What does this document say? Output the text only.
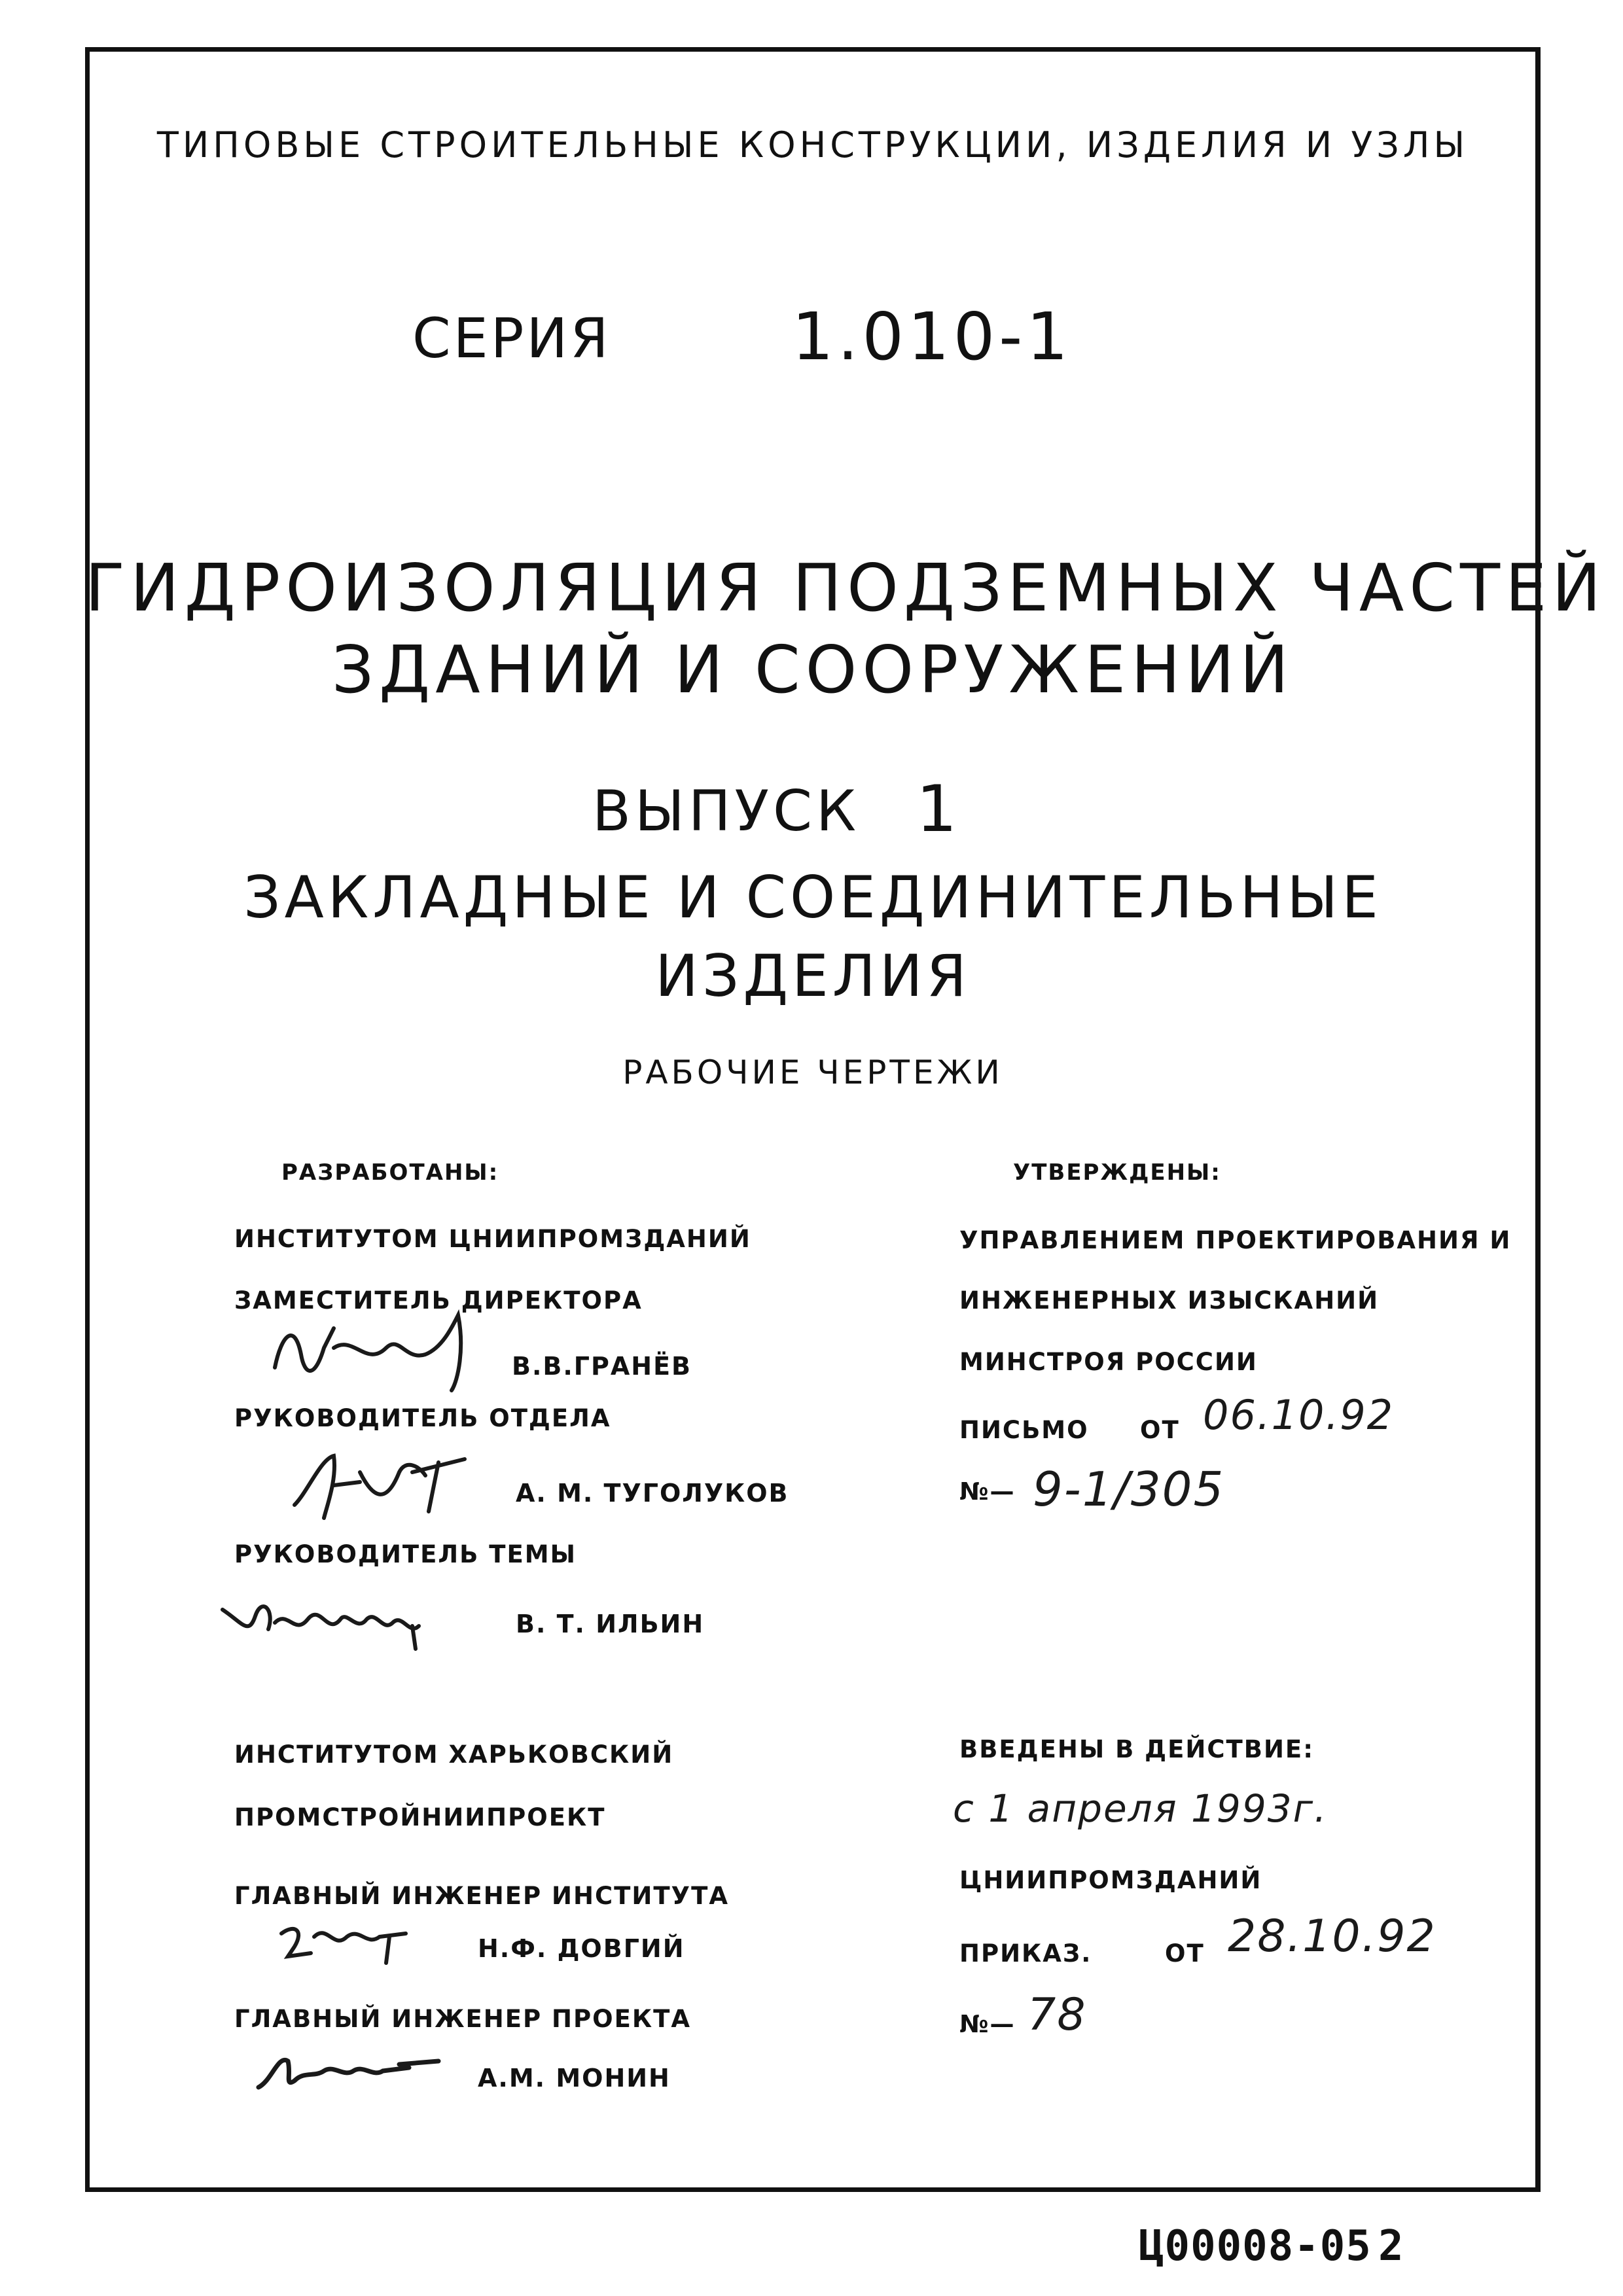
ТИПОВЫЕ СТРОИТЕЛЬНЫЕ КОНСТРУКЦИИ, ИЗДЕЛИЯ И УЗЛЫ
СЕРИЯ	1.010-1
ГИДРОИЗОЛЯЦИЯ ПОДЗЕМНЫХ ЧАСТЕЙ
ЗДАНИЙ И СООРУЖЕНИЙ
ВЫПУСК 1
ЗАКЛАДНЫЕ И СОЕДИНИТЕЛЬНЫЕ
ИЗДЕЛИЯ
РАБОЧИЕ ЧЕРТЕЖИ
РАЗРАБОТАНЫ:
ИНСТИТУТОМ ЦНИИПРОМЗДАНИЙ
ЗАМЕСТИТЕЛЬ ДИРЕКТОРА
В.В.ГРАНЁВ
РУКОВОДИТЕЛЬ ОТДЕЛА
А. М. ТУГОЛУКОВ
РУКОВОДИТЕЛЬ ТЕМЫ
В. Т. ИЛЬИН
ИНСТИТУТОМ ХАРЬКОВСКИЙ
ПРОМСТРОЙНИИПРОЕКТ
ГЛАВНЫЙ ИНЖЕНЕР ИНСТИТУТА
Н.Ф. ДОВГИЙ
ГЛАВНЫЙ ИНЖЕНЕР ПРОЕКТА
А.М. МОНИН
УТВЕРЖДЕНЫ:
УПРАВЛЕНИЕМ ПРОЕКТИРОВАНИЯ И
ИНЖЕНЕРНЫХ ИЗЫСКАНИЙ
МИНСТРОЯ РОССИИ
ПИСЬМО ОТ 06.10.92
№— 9-1/305
ВВЕДЕНЫ В ДЕЙСТВИЕ:
с 1 апреля 1993г.
ЦНИИПРОМЗДАНИЙ
ПРИКАЗ.	ОТ 28.10.92
№— 78
Ц00008-05 2
